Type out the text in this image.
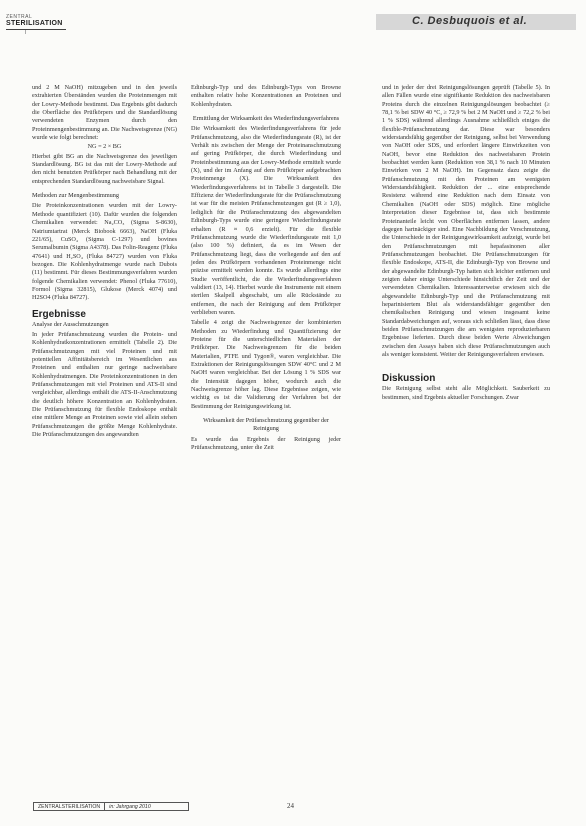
ZENTRAL
STERILISATION
I
C. Desbuquois et al.

und 2 M NaOH) mitzugeben und in den jeweils extrahierten Überständen wurden die Proteinmengen mit der Lowry-Methode bestimmt. Das Ergebnis gibt dadurch die Oberfläche des Prüfkörpers und die Standardlösung verwendeten Enzymen durch den Proteinmengenbestimmung an. Die Nachweisgrenze (NG) wurde wie folgt berechnet:

NG = 2 × BG

Hierbei gibt BG an die Nachweisgrenze des jeweiligen Standardlösung. BG ist das mit der Lowry-Methode auf den nicht benutzten Prüfkörper nach Behandlung mit der entsprechenden Standardlösung nachweisbare Signal.

Methoden zur Mengenbestimmung

Die Proteinkonzentrationen wurden mit der Lowry-Methode quantifiziert (10). Dafür wurden die folgenden Chemikalien verwendet: Na₂CO₃ (Sigma S-8630), Natriumtartrat (Merck Biobook 6663), NaOH (Fluka 221/65), CuSO₄ (Sigma C-1297) und bovines Serumalbumin (Sigma A4378). Das Folin-Reagenz (Fluka 47641) und H₂SO₄ (Fluka 84727) wurden von Fluka bezogen. Die Kohlenhydratmenge wurde nach Dubois (11) bestimmt. Für dieses Bestimmungsverfahren wurden folgende Chemikalien verwendet: Phenol (Fluka 77610), Formol (Sigma 32815), Glukose (Merck 4074) und H2SO4 (Fluka 84727).

Ergebnisse

Analyse der Ausschmutzungen

In jeder Prüfanschmutzung wurden die Protein- und Kohlenhydratkonzentrationen ermittelt (Tabelle 2). Die Prüfanschmutzungen mit viel Proteinen und mit potentiellen Affinitätsbereich im Wesentlichen aus Proteinen und enthalten nur geringe nachweisbare Kohlenhydratmengen. Die Proteinkonzentrationen in den Prüfanschmutzungen mit viel Proteinen und ATS-II sind vergleichbar, allerdings enthält die ATS-II-Anschmutzung die deutlich höhere Konzentration an Kohlenhydraten. Die Prüfanschmutzung für flexible Endoskope enthält eine mittlere Menge an Proteinen sowie viel allein stehen Prüfanschmutzungen die größte Menge Kohlenhydrate. Die Prüfanschmutzungen des angewandten

Edinburgh-Typ und des Edinburgh-Typs von Browne enthalten relativ hohe Konzentrationen an Proteinen und Kohlenhydraten.

Ermittlung der Wirksamkeit des Wiederfindungsverfahrens

Die Wirksamkeit des Wiederfindungsverfahrens für jede Prüfanschmutzung, also die Wiederfindungsrate (R), ist der Verhält nis zwischen der Menge der Proteinanschmutzung auf gering Prüfkörper, die durch Wiederfindung und Proteinbestimmung aus der Lowry-Methode ermittelt wurde (X), und der im Anfang auf dem Prüfkörper aufgebrachten Proteinmenge (X). Die Wirksamkeit des Wiederfindungsverfahrens ist in Tabelle 3 dargestellt. Die Effizienz der Wiederfindungsrate für die Prüfanschmutzung ist war für die meisten Prüfanschmutzungen gut (R ≥ 1,0), lediglich für die Prüfanschmutzung des abgewandelten Edinburgh-Typs wurde eine geringere Wiederfindungsrate erhalten (R ≈ 0,6 erzielt). Für die flexible Prüfanschmutzung wurde die Wiederfindungsrate mit 1,0 (also 100 %) definiert, da es im Wesen der Prüfanschmutzung liegt, dass die vorliegende auf den auf jeden des Prüfkörpern vorhandenen Proteinmenge nicht präzise ermittelt werden konnte. Es wurde allerdings eine Studie veröffentlicht, die die Wiederfindungsverfahren validiert (13, 14). Hierbei wurde die Instrumente mit einem sterilen Skalpell abgeschabt, um alle Rückstände zu entfernen, die nach der Reinigung auf dem Prüfkörper verblieben waren.

Tabelle 4 zeigt die Nachweisgrenze der kombinierten Methoden zu Wiederfindung und Quantifizierung der Proteine für die unterschiedlichen Materialien der Prüfkörper. Die Nachweisgrenzen für die beiden Materialien, PTFE und Tygon®, waren vergleichbar. Die Extraktionen der Reinigungslösungen SDW 40°C und 2 M NaOH waren vergleichbar. Bei der Lösung 1 % SDS war die Intensität dagegen höher, wodurch auch die Nachweisgrenze höher lag. Diese Ergebnisse zeigen, wie wichtig es ist die Validierung der Verfahren bei der Bestimmung der Reinigungswirkung ist.

Wirksamkeit der Prüfanschmutzung gegenüber der Reinigung

Es wurde das Ergebnis der Reinigung jeder Prüfanschmutzung, unter die Zeit

und in jeder der drei Reinigungslösungen geprüft (Tabelle 5). In allen Fällen wurde eine signifikante Reduktion des nachweisbaren Proteins durch die einzelnen Reinigungslösungen beobachtet (≥ 78,1 % bei SDW 40 °C, ≥ 72,9 % bei 2 M NaOH und ≥ 72,2 % bei 1 % SDS) während allerdings Ausnahme schließlich einiges die flexible-Prüfanschmutzung dar. Diese war besonders widerstandsfähig gegenüber der Reinigung, selbst bei Verwendung von NaOH oder SDS, und erfordert längere Einwirkzeiten von NaOH, bevor eine Reduktion des nachweisbaren Protein beobachtet werden kann (Reduktion von 38,1 % nach 10 Minuten Einwirken von 2 M NaOH). Im Gegensatz dazu zeigte die Prüfanschmutzung mit den Proteinen am wenigsten Widerstandsfähigkeit. Reduktion der ... eine entsprechende Resistenz während eine Reduktion nach dem Einsatz von Chemikalien (NaOH oder SDS) möglich. Eine mögliche Interpretation dieser Ergebnisse ist, dass sich bestimmte Proteinanteile leicht von Oberflächen entfernen lassen, andere dagegen hartnäckiger sind. Eine Nachbildung der Verschmutzung, die Unterschiede in der Reinigungswirksamkeit aufzeigt, wurde bei den Prüfanschmutzungen mit hepafasinonen aller Prüfanschmutzungen beobachtet. Die Prüfanschmutzungen für flexible Endoskope, ATS-II, die Edinburgh-Typ von Browne und der abgewandelte Edinburgh-Typ hatten sich leichter entfernen und zeigten daher einige Unterschiede hinsichtlich der Zeit und der verwendeten Chemikalien. Interessanterweise erwiesen sich die abgewandelte Edinburgh-Typ und die Prüfanschmutzung mit heparinisiertem Blut als widerstandsfähiger gegenüber den chemikalischen Reinigung und wiesen insgesamt keine Standardabweichungen auf, woraus sich schließen lässt, dass diese beiden Prüfanschmutzungen die am wenigsten reproduzierbaren Ergebnisse lieferten. Durch diese beiden Werte Abweichungen zwischen den Assays haben sich diese Prüfanschmutzungen auch als weniger konsistent. Weiter der Reinigungsverfahren erwiesen.

Diskussion

Die Reinigung selbst steht alle Möglichkeit. Sauberkeit zu bestimmen, sind Ergebnis aktueller Forschungen. Zwar

ZENTRALSTERILISATION in: Jahrgang 2010	24
